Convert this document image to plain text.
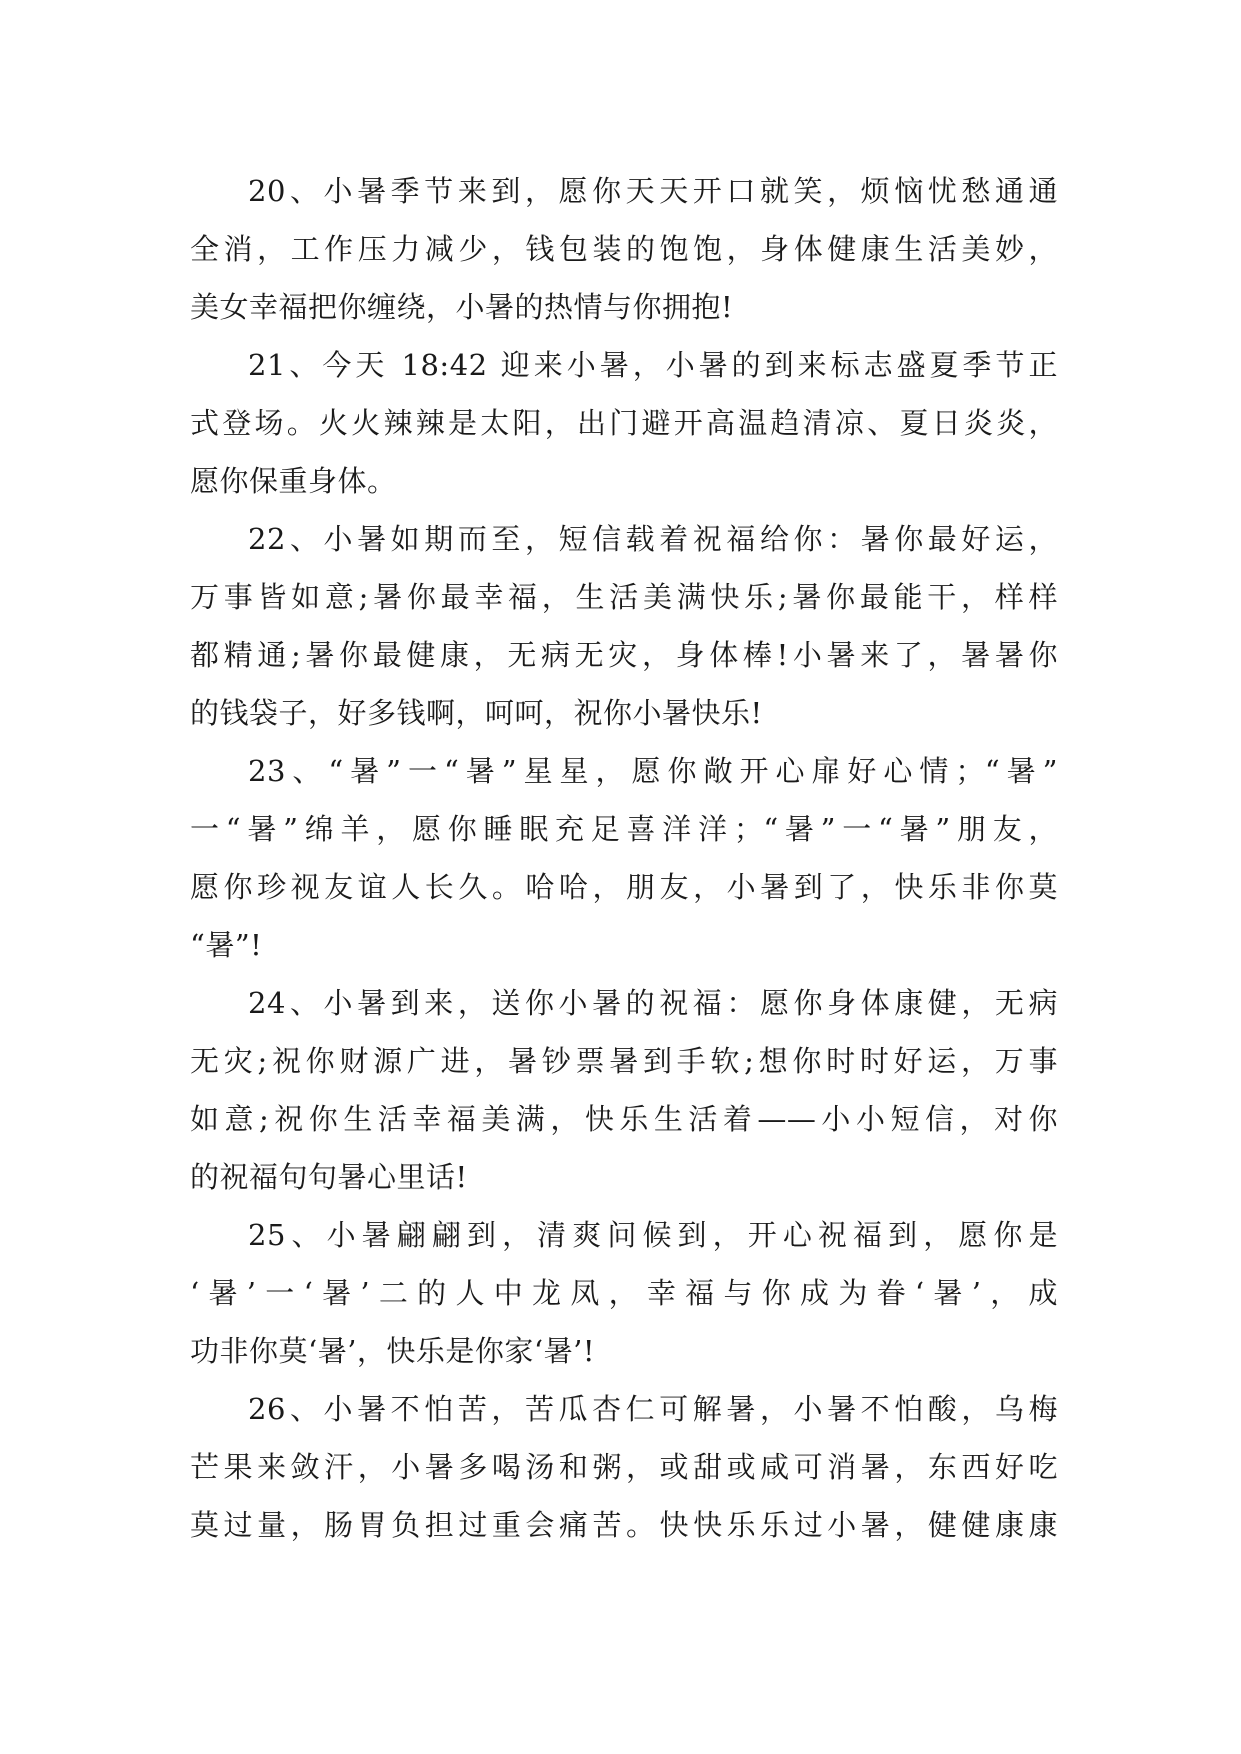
20、小暑季节来到，愿你天天开口就笑，烦恼忧愁通通
全消，工作压力减少，钱包装的饱饱，身体健康生活美妙，
美女幸福把你缠绕，小暑的热情与你拥抱!
21、今天 18:42 迎来小暑，小暑的到来标志盛夏季节正
式登场。火火辣辣是太阳，出门避开高温趋清凉、夏日炎炎，
愿你保重身体。
22、小暑如期而至，短信载着祝福给你：暑你最好运，
万事皆如意;暑你最幸福，生活美满快乐;暑你最能干，样样
都精通;暑你最健康，无病无灾，身体棒!小暑来了，暑暑你
的钱袋子，好多钱啊，呵呵，祝你小暑快乐!
23、“暑”一“暑”星星，愿你敞开心扉好心情；“暑”
一“暑”绵羊，愿你睡眠充足喜洋洋；“暑”一“暑”朋友，
愿你珍视友谊人长久。哈哈，朋友，小暑到了，快乐非你莫
“暑”!
24、小暑到来，送你小暑的祝福：愿你身体康健，无病
无灾;祝你财源广进，暑钞票暑到手软;想你时时好运，万事
如意;祝你生活幸福美满，快乐生活着——小小短信，对你
的祝福句句暑心里话!
25、小暑翩翩到，清爽问候到，开心祝福到，愿你是
‘暑’一‘暑’二的人中龙凤，幸福与你成为眷‘暑’，成
功非你莫‘暑’，快乐是你家‘暑’!
26、小暑不怕苦，苦瓜杏仁可解暑，小暑不怕酸，乌梅
芒果来敛汗，小暑多喝汤和粥，或甜或咸可消暑，东西好吃
莫过量，肠胃负担过重会痛苦。快快乐乐过小暑，健健康康
